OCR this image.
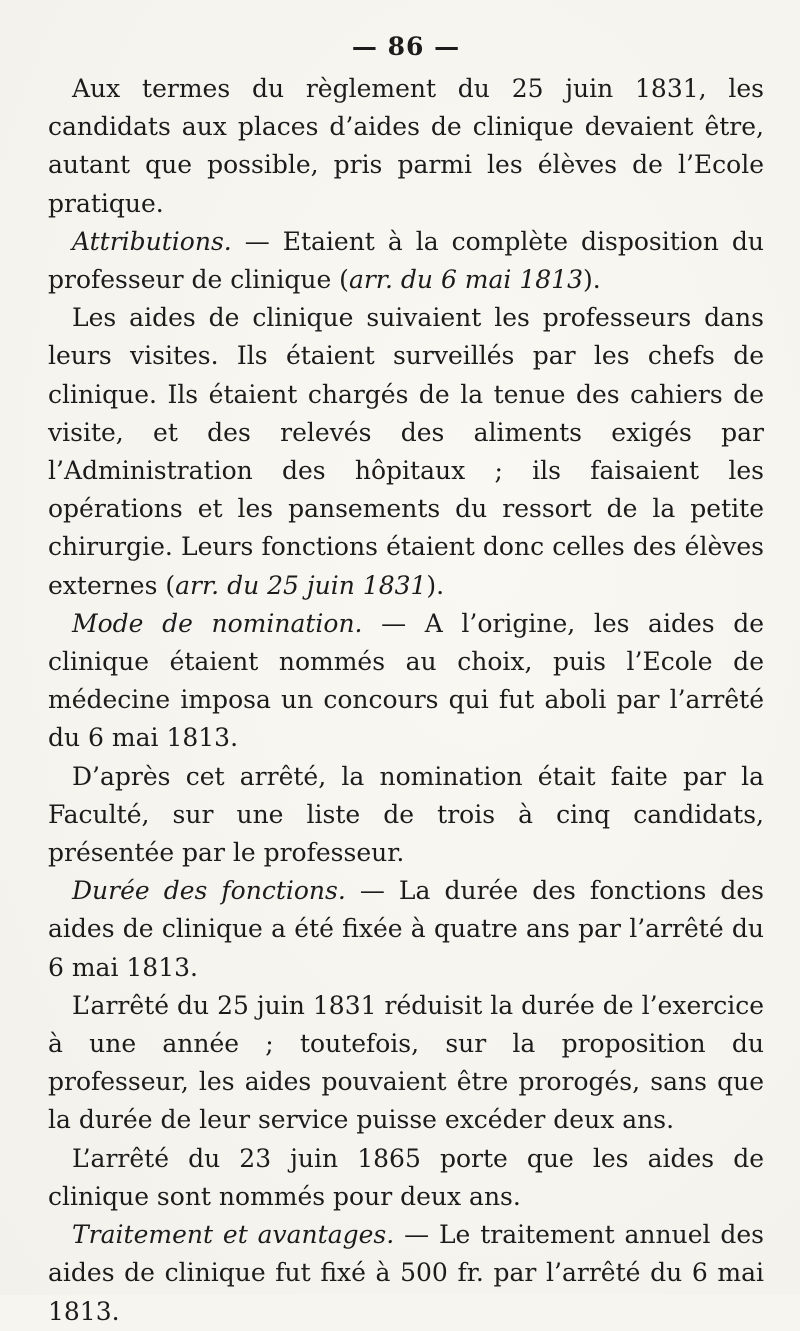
— 86 —

Aux termes du règlement du 25 juin 1831, les candidats aux places d’aides de clinique devaient être, autant que possible, pris parmi les élèves de l’Ecole pratique.

Attributions. — Etaient à la complète disposition du professeur de clinique (arr. du 6 mai 1813).

Les aides de clinique suivaient les professeurs dans leurs visites. Ils étaient surveillés par les chefs de clinique. Ils étaient chargés de la tenue des cahiers de visite, et des relevés des aliments exigés par l’Administration des hôpitaux ; ils faisaient les opérations et les pansements du ressort de la petite chirurgie. Leurs fonctions étaient donc celles des élèves externes (arr. du 25 juin 1831).

Mode de nomination. — A l’origine, les aides de clinique étaient nommés au choix, puis l’Ecole de médecine imposa un concours qui fut aboli par l’arrêté du 6 mai 1813.

D’après cet arrêté, la nomination était faite par la Faculté, sur une liste de trois à cinq candidats, présentée par le professeur.

Durée des fonctions. — La durée des fonctions des aides de clinique a été fixée à quatre ans par l’arrêté du 6 mai 1813.

L’arrêté du 25 juin 1831 réduisit la durée de l’exercice à une année ; toutefois, sur la proposition du professeur, les aides pouvaient être prorogés, sans que la durée de leur service puisse excéder deux ans.

L’arrêté du 23 juin 1865 porte que les aides de clinique sont nommés pour deux ans.

Traitement et avantages. — Le traitement annuel des aides de clinique fut fixé à 500 fr. par l’arrêté du 6 mai 1813.
